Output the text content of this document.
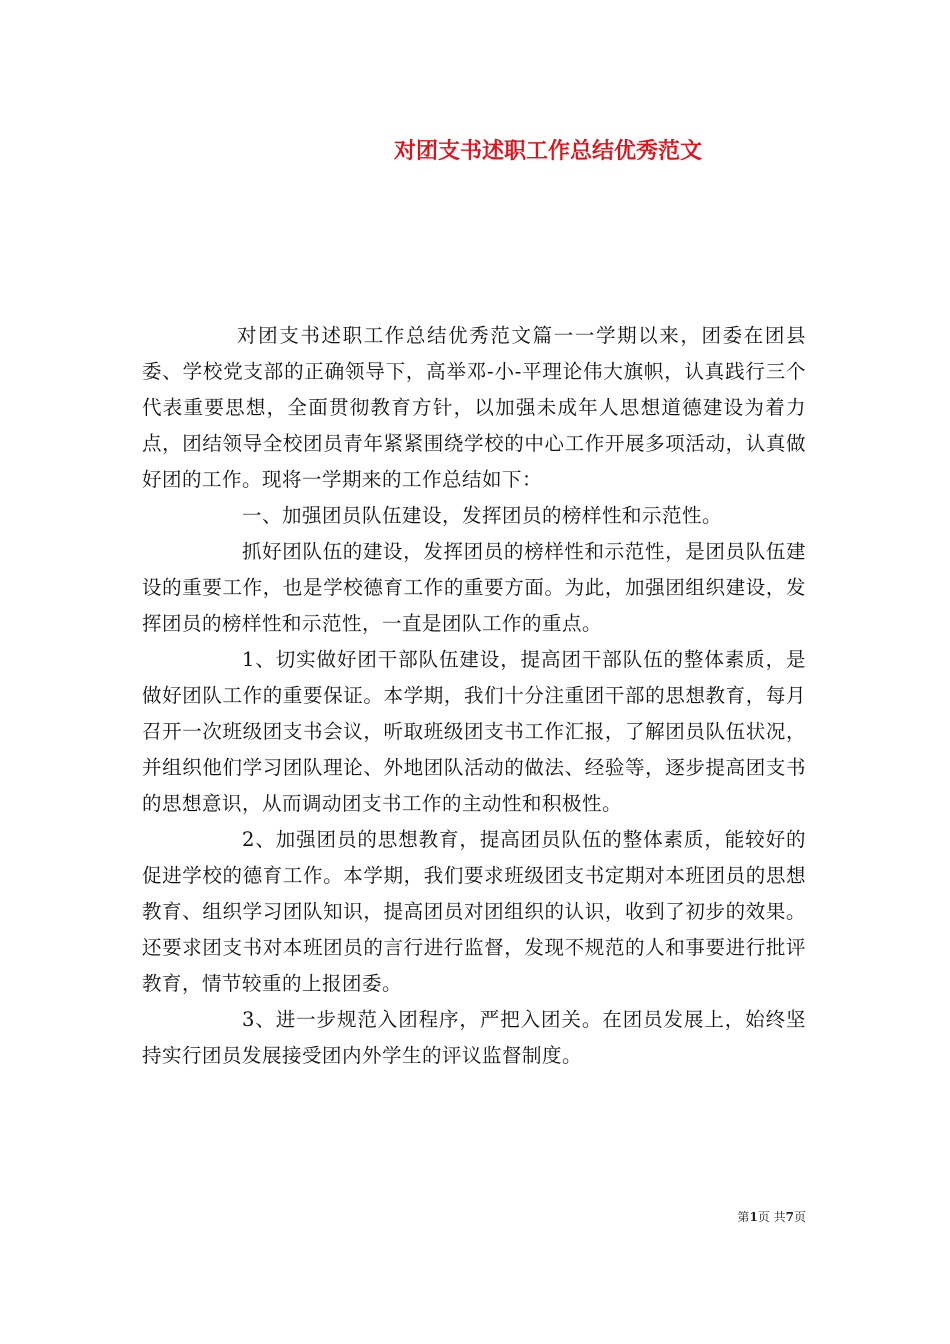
对团支书述职工作总结优秀范文

对团支书述职工作总结优秀范文篇一一学期以来，团委在团县委、学校党支部的正确领导下，高举邓-小-平理论伟大旗帜，认真践行三个代表重要思想，全面贯彻教育方针，以加强未成年人思想道德建设为着力点，团结领导全校团员青年紧紧围绕学校的中心工作开展多项活动，认真做好团的工作。现将一学期来的工作总结如下：

一、加强团员队伍建设，发挥团员的榜样性和示范性。

抓好团队伍的建设，发挥团员的榜样性和示范性，是团员队伍建设的重要工作，也是学校德育工作的重要方面。为此，加强团组织建设，发挥团员的榜样性和示范性，一直是团队工作的重点。

1、切实做好团干部队伍建设，提高团干部队伍的整体素质，是做好团队工作的重要保证。本学期，我们十分注重团干部的思想教育，每月召开一次班级团支书会议，听取班级团支书工作汇报，了解团员队伍状况，并组织他们学习团队理论、外地团队活动的做法、经验等，逐步提高团支书的思想意识，从而调动团支书工作的主动性和积极性。

2、加强团员的思想教育，提高团员队伍的整体素质，能较好的促进学校的德育工作。本学期，我们要求班级团支书定期对本班团员的思想教育、组织学习团队知识，提高团员对团组织的认识，收到了初步的效果。还要求团支书对本班团员的言行进行监督，发现不规范的人和事要进行批评教育，情节较重的上报团委。

3、进一步规范入团程序，严把入团关。在团员发展上，始终坚持实行团员发展接受团内外学生的评议监督制度。

第1页 共7页
